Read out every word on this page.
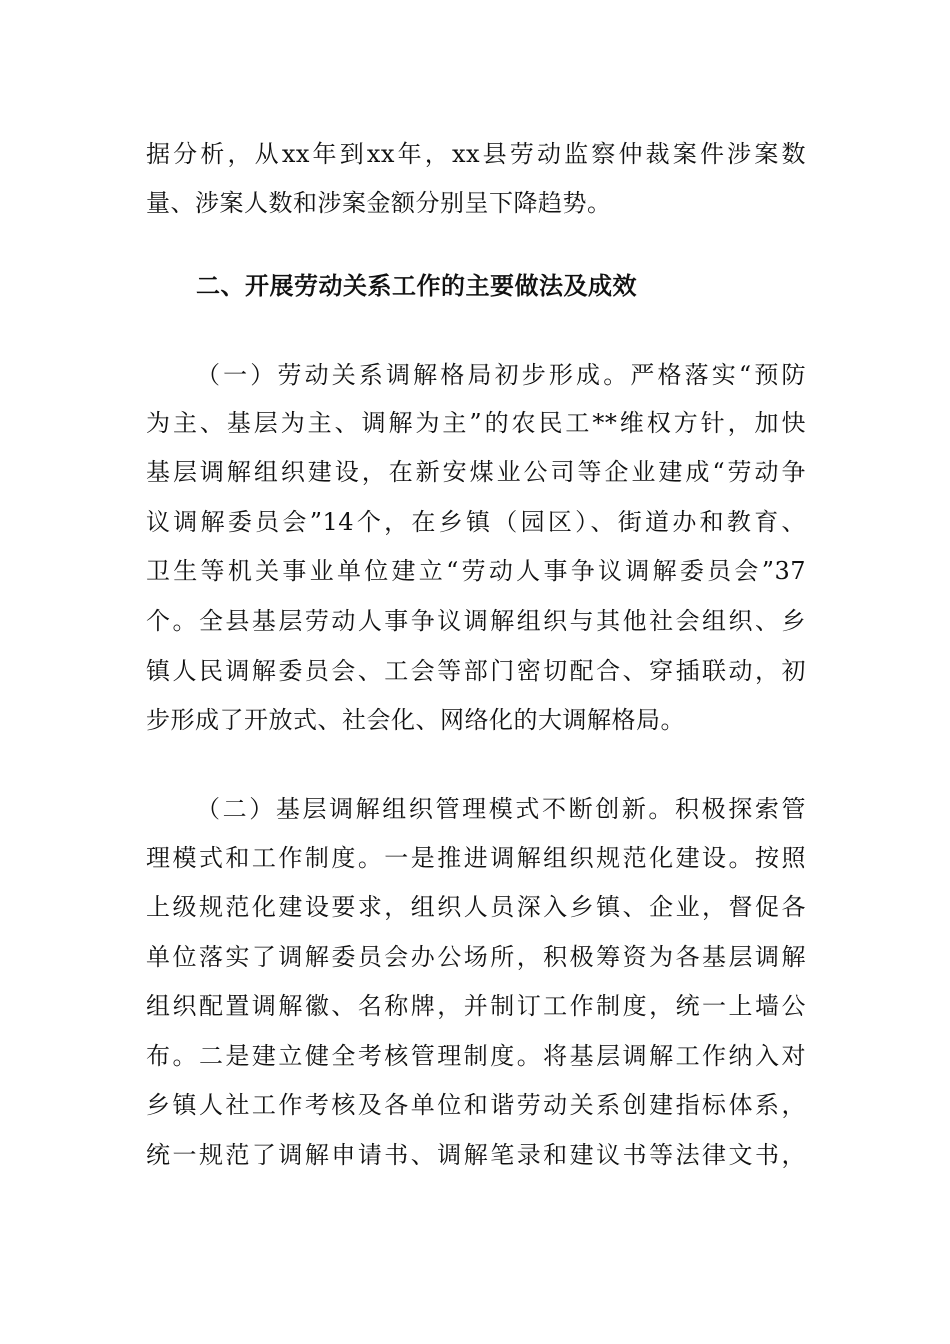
据分析，从xx年到xx年，xx县劳动监察仲裁案件涉案数
量、涉案人数和涉案金额分别呈下降趋势。
二、开展劳动关系工作的主要做法及成效
（一）劳动关系调解格局初步形成。严格落实“预防
为主、基层为主、调解为主”的农民工**维权方针，加快
基层调解组织建设，在新安煤业公司等企业建成“劳动争
议调解委员会”14个，在乡镇（园区）、街道办和教育、
卫生等机关事业单位建立“劳动人事争议调解委员会”37
个。全县基层劳动人事争议调解组织与其他社会组织、乡
镇人民调解委员会、工会等部门密切配合、穿插联动，初
步形成了开放式、社会化、网络化的大调解格局。
（二）基层调解组织管理模式不断创新。积极探索管
理模式和工作制度。一是推进调解组织规范化建设。按照
上级规范化建设要求，组织人员深入乡镇、企业，督促各
单位落实了调解委员会办公场所，积极筹资为各基层调解
组织配置调解徽、名称牌，并制订工作制度，统一上墙公
布。二是建立健全考核管理制度。将基层调解工作纳入对
乡镇人社工作考核及各单位和谐劳动关系创建指标体系，
统一规范了调解申请书、调解笔录和建议书等法律文书，
